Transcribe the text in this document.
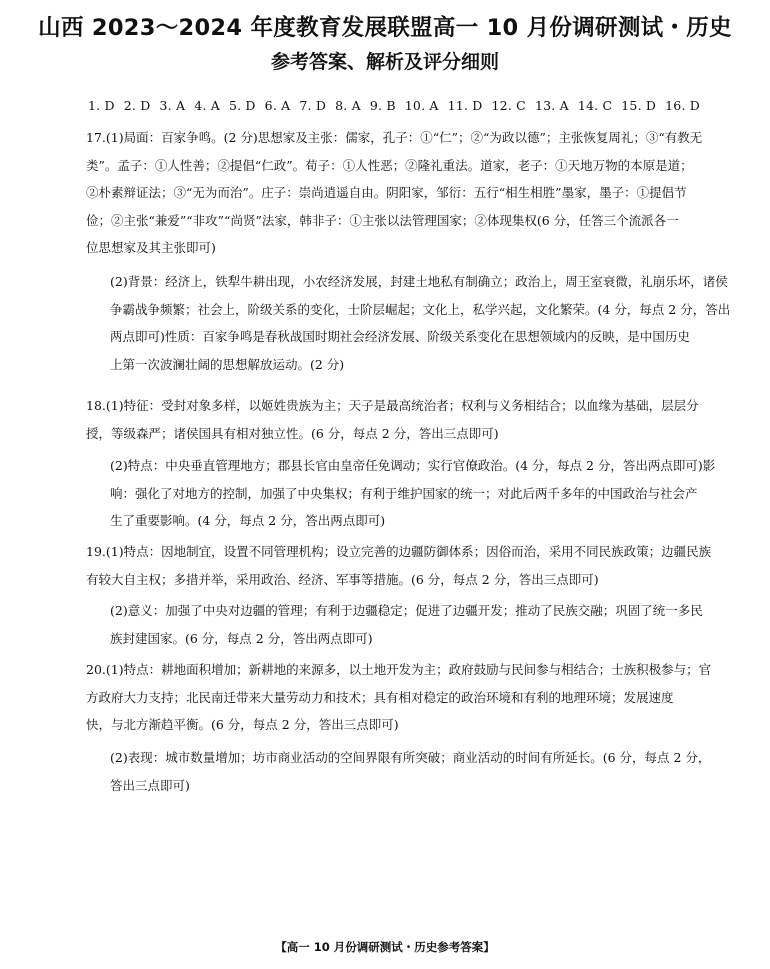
山西 2023～2024 年度教育发展联盟高一 10 月份调研测试・历史
参考答案、解析及评分细则
1. D 2. D 3. A 4. A 5. D 6. A 7. D 8. A 9. B 10. A 11. D 12. C 13. A 14. C 15. D 16. D
17.(1)局面：百家争鸣。(2 分)思想家及主张：儒家，孔子：①“仁”；②“为政以德”；主张恢复周礼；③“有教无
类”。孟子：①人性善；②提倡“仁政”。荀子：①人性恶；②隆礼重法。道家，老子：①天地万物的本原是道；
②朴素辩证法；③“无为而治”。庄子：崇尚逍遥自由。阴阳家，邹衍：五行“相生相胜”墨家，墨子：①提倡节
俭；②主张“兼爱”“非攻”“尚贤”法家，韩非子：①主张以法管理国家；②体现集权(6 分，任答三个流派各一
位思想家及其主张即可)
(2)背景：经济上，铁犁牛耕出现，小农经济发展，封建土地私有制确立；政治上，周王室衰微，礼崩乐坏，诸侯
争霸战争频繁；社会上，阶级关系的变化，士阶层崛起；文化上，私学兴起，文化繁荣。(4 分，每点 2 分，答出
两点即可)性质：百家争鸣是春秋战国时期社会经济发展、阶级关系变化在思想领域内的反映，是中国历史
上第一次波澜壮阔的思想解放运动。(2 分)
18.(1)特征：受封对象多样，以姬姓贵族为主；天子是最高统治者；权利与义务相结合；以血缘为基础，层层分
授，等级森严；诸侯国具有相对独立性。(6 分，每点 2 分，答出三点即可)
(2)特点：中央垂直管理地方；郡县长官由皇帝任免调动；实行官僚政治。(4 分，每点 2 分，答出两点即可)影
响：强化了对地方的控制，加强了中央集权；有利于维护国家的统一；对此后两千多年的中国政治与社会产
生了重要影响。(4 分，每点 2 分，答出两点即可)
19.(1)特点：因地制宜，设置不同管理机构；设立完善的边疆防御体系；因俗而治，采用不同民族政策；边疆民族
有较大自主权；多措并举，采用政治、经济、军事等措施。(6 分，每点 2 分，答出三点即可)
(2)意义：加强了中央对边疆的管理；有利于边疆稳定；促进了边疆开发；推动了民族交融；巩固了统一多民
族封建国家。(6 分，每点 2 分，答出两点即可)
20.(1)特点：耕地面积增加；新耕地的来源多，以土地开发为主；政府鼓励与民间参与相结合；士族积极参与；官
方政府大力支持；北民南迁带来大量劳动力和技术；具有相对稳定的政治环境和有利的地理环境；发展速度
快，与北方渐趋平衡。(6 分，每点 2 分，答出三点即可)
(2)表现：城市数量增加；坊市商业活动的空间界限有所突破；商业活动的时间有所延长。(6 分，每点 2 分，
答出三点即可)
【高一 10 月份调研测试・历史参考答案】
